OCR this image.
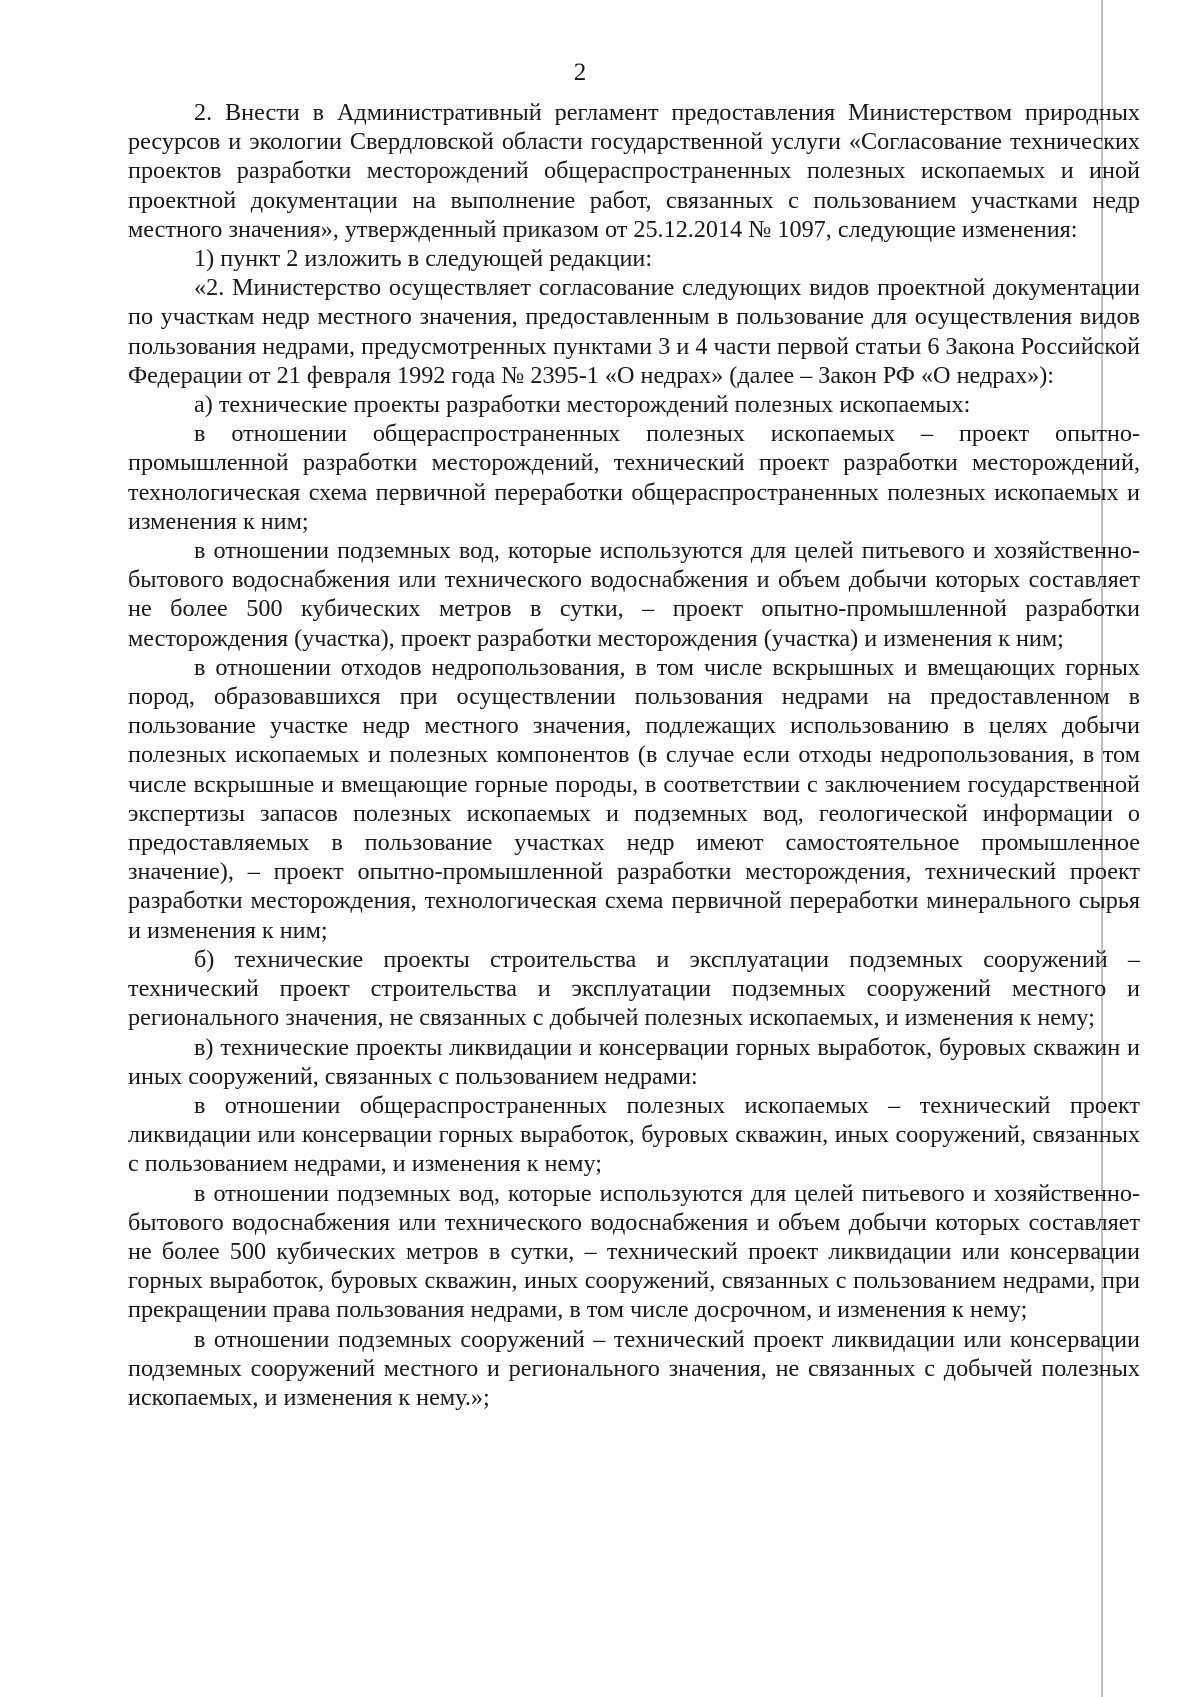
2

2. Внести в Административный регламент предоставления Министерством природных ресурсов и экологии Свердловской области государственной услуги «Согласование технических проектов разработки месторождений общераспространенных полезных ископаемых и иной проектной документации на выполнение работ, связанных с пользованием участками недр местного значения», утвержденный приказом от 25.12.2014 № 1097, следующие изменения:

1) пункт 2 изложить в следующей редакции:

«2. Министерство осуществляет согласование следующих видов проектной документации по участкам недр местного значения, предоставленным в пользование для осуществления видов пользования недрами, предусмотренных пунктами 3 и 4 части первой статьи 6 Закона Российской Федерации от 21 февраля 1992 года № 2395-1 «О недрах» (далее – Закон РФ «О недрах»):

а) технические проекты разработки месторождений полезных ископаемых:

в отношении общераспространенных полезных ископаемых – проект опытно-промышленной разработки месторождений, технический проект разработки месторождений, технологическая схема первичной переработки общераспространенных полезных ископаемых и изменения к ним;

в отношении подземных вод, которые используются для целей питьевого и хозяйственно-бытового водоснабжения или технического водоснабжения и объем добычи которых составляет не более 500 кубических метров в сутки, – проект опытно-промышленной разработки месторождения (участка), проект разработки месторождения (участка) и изменения к ним;

в отношении отходов недропользования, в том числе вскрышных и вмещающих горных пород, образовавшихся при осуществлении пользования недрами на предоставленном в пользование участке недр местного значения, подлежащих использованию в целях добычи полезных ископаемых и полезных компонентов (в случае если отходы недропользования, в том числе вскрышные и вмещающие горные породы, в соответствии с заключением государственной экспертизы запасов полезных ископаемых и подземных вод, геологической информации о предоставляемых в пользование участках недр имеют самостоятельное промышленное значение), – проект опытно-промышленной разработки месторождения, технический проект разработки месторождения, технологическая схема первичной переработки минерального сырья и изменения к ним;

б) технические проекты строительства и эксплуатации подземных сооружений – технический проект строительства и эксплуатации подземных сооружений местного и регионального значения, не связанных с добычей полезных ископаемых, и изменения к нему;

в) технические проекты ликвидации и консервации горных выработок, буровых скважин и иных сооружений, связанных с пользованием недрами:

в отношении общераспространенных полезных ископаемых – технический проект ликвидации или консервации горных выработок, буровых скважин, иных сооружений, связанных с пользованием недрами, и изменения к нему;

в отношении подземных вод, которые используются для целей питьевого и хозяйственно-бытового водоснабжения или технического водоснабжения и объем добычи которых составляет не более 500 кубических метров в сутки, – технический проект ликвидации или консервации горных выработок, буровых скважин, иных сооружений, связанных с пользованием недрами, при прекращении права пользования недрами, в том числе досрочном, и изменения к нему;

в отношении подземных сооружений – технический проект ликвидации или консервации подземных сооружений местного и регионального значения, не связанных с добычей полезных ископаемых, и изменения к нему.»;
